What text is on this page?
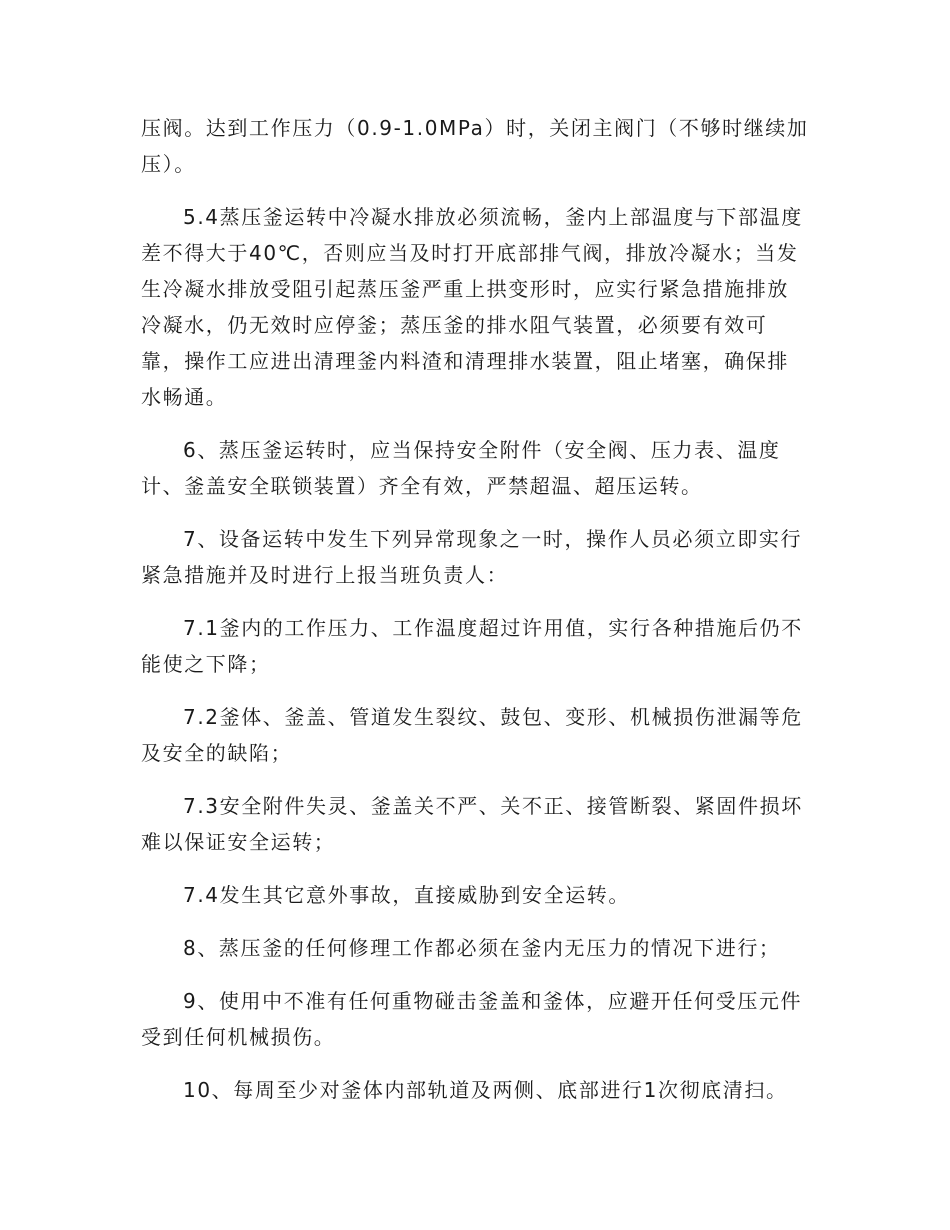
压阀。达到工作压力（0.9-1.0MPa）时，关闭主阀门（不够时继续加
压）。

5.4蒸压釜运转中冷凝水排放必须流畅，釜内上部温度与下部温度
差不得大于40℃，否则应当及时打开底部排气阀，排放冷凝水；当发
生冷凝水排放受阻引起蒸压釜严重上拱变形时，应实行紧急措施排放
冷凝水，仍无效时应停釜；蒸压釜的排水阻气装置，必须要有效可
靠，操作工应进出清理釜内料渣和清理排水装置，阻止堵塞，确保排
水畅通。

6、蒸压釜运转时，应当保持安全附件（安全阀、压力表、温度
计、釜盖安全联锁装置）齐全有效，严禁超温、超压运转。

7、设备运转中发生下列异常现象之一时，操作人员必须立即实行
紧急措施并及时进行上报当班负责人：

7.1釜内的工作压力、工作温度超过许用值，实行各种措施后仍不
能使之下降；

7.2釜体、釜盖、管道发生裂纹、鼓包、变形、机械损伤泄漏等危
及安全的缺陷；

7.3安全附件失灵、釜盖关不严、关不正、接管断裂、紧固件损坏
难以保证安全运转；

7.4发生其它意外事故，直接威胁到安全运转。

8、蒸压釜的任何修理工作都必须在釜内无压力的情况下进行；

9、使用中不准有任何重物碰击釜盖和釜体，应避开任何受压元件
受到任何机械损伤。

10、每周至少对釜体内部轨道及两侧、底部进行1次彻底清扫。
